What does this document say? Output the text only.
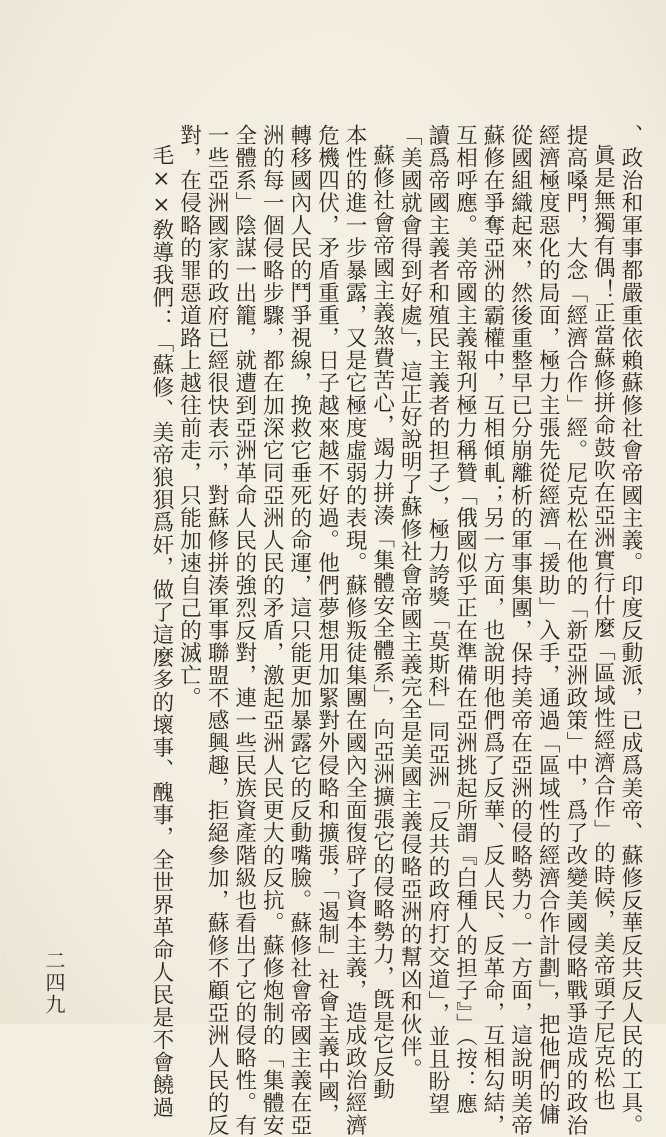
、政治和軍事都嚴重依賴蘇修社會帝國主義。印度反動派，已成爲美帝、蘇修反華反共反人民的工具。
眞是無獨有偶！正當蘇修拼命鼓吹在亞洲實行什麼「區域性經濟合作」的時候，美帝頭子尼克松也
提高嗓門，大念「經濟合作」經。尼克松在他的「新亞洲政策」中，爲了改變美國侵略戰爭造成的政治
經濟極度惡化的局面，極力主張先從經濟「援助」入手，通過「區域性的經濟合作計劃」，把他們的傭
從國組織起來，然後重整早已分崩離析的軍事集團，保持美帝在亞洲的侵略勢力。一方面，這說明美帝
蘇修在爭奪亞洲的霸權中，互相傾軋；另一方面，也說明他們爲了反華、反人民、反革命，互相勾結，
互相呼應。美帝國主義報刋極力稱贊「俄國似乎正在準備在亞洲挑起所謂『白種人的担子』」（按：應
讀爲帝國主義者和殖民主義者的担子），極力誇獎「莫斯科」同亞洲「反共的政府打交道」，並且盼望
「美國就會得到好處」，這正好說明了蘇修社會帝國主義完全是美國主義侵略亞洲的幫凶和伙伴。
蘇修社會帝國主義煞費苦心，竭力拼湊「集體安全體系」，向亞洲擴張它的侵略勢力，旣是它反動
本性的進一步暴露，又是它極度虛弱的表現。蘇修叛徒集團在國內全面復辟了資本主義，造成政治經濟
危機四伏，矛盾重重，日子越來越不好過。他們夢想用加緊對外侵略和擴張，「遏制」社會主義中國，
轉移國內人民的鬥爭視線，挽救它垂死的命運，這只能更加暴露它的反動嘴臉。蘇修社會帝國主義在亞
洲的每一個侵略步驟，都在加深它同亞洲人民的矛盾，激起亞洲人民更大的反抗。蘇修炮制的「集體安
全體系」陰謀一出籠，就遭到亞洲革命人民的強烈反對，連一些民族資產階級也看出了它的侵略性。有
一些亞洲國家的政府已經很快表示，對蘇修拼湊軍事聯盟不感興趣，拒絕參加，蘇修不顧亞洲人民的反
對，在侵略的罪惡道路上越往前走，只能加速自己的滅亡。
毛××敎導我們：「蘇修、美帝狼狽爲奸，做了這麼多的壞事、醜事，全世界革命人民是不會饒過
二四九
